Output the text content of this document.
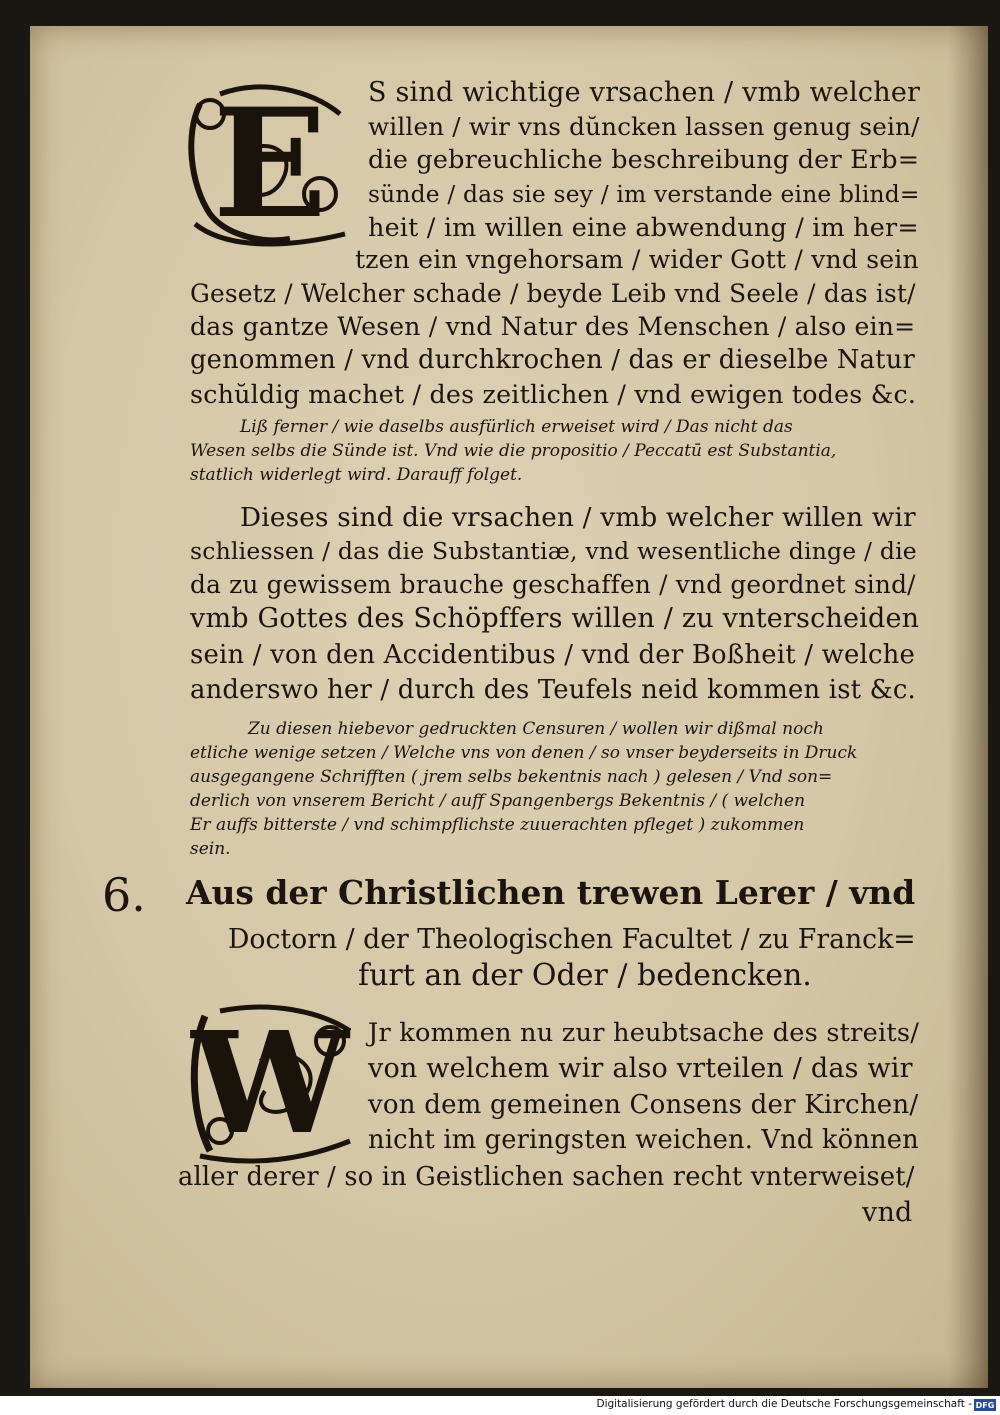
E S sind wichtige vrsachen / vmb welcher
willen / wir vns dŭncken lassen genug sein/
die gebreuchliche beschreibung der Erb=
sünde / das sie sey / im verstande eine blind=
heit / im willen eine abwendung / im her=
tzen ein vngehorsam / wider Gott / vnd sein
Gesetz / Welcher schade / beyde Leib vnd Seele / das ist/
das gantze Wesen / vnd Natur des Menschen / also ein=
genommen / vnd durchkrochen / das er dieselbe Natur
schŭldig machet / des zeitlichen / vnd ewigen todes &c.
Liß ferner / wie daselbs ausfürlich erweiset wird / Das nicht das
Wesen selbs die Sünde ist. Vnd wie die propositio / Peccatū est Substantia,
statlich widerlegt wird. Darauff folget.
Dieses sind die vrsachen / vmb welcher willen wir
schliessen / das die Substantiæ, vnd wesentliche dinge / die
da zu gewissem brauche geschaffen / vnd geordnet sind/
vmb Gottes des Schöpffers willen / zu vnterscheiden
sein / von den Accidentibus / vnd der Boßheit / welche
anderswo her / durch des Teufels neid kommen ist &c.
Zu diesen hiebevor gedruckten Censuren / wollen wir dißmal noch
etliche wenige setzen / Welche vns von denen / so vnser beyderseits in Druck
ausgegangene Schrifften ( jrem selbs bekentnis nach ) gelesen / Vnd son=
derlich von vnserem Bericht / auff Spangenbergs Bekentnis / ( welchen
Er auffs bitterste / vnd schimpflichste zuuerachten pfleget ) zukommen
sein.
6. Aus der Christlichen trewen Lerer / vnd
Doctorn / der Theologischen Facultet / zu Franck=
furt an der Oder / bedencken.
W Jr kommen nu zur heubtsache des streits/
von welchem wir also vrteilen / das wir
von dem gemeinen Consens der Kirchen/
nicht im geringsten weichen. Vnd können
aller derer / so in Geistlichen sachen recht vnterweiset/
vnd
Digitalisierung gefördert durch die Deutsche Forschungsgemeinschaft - DFG
